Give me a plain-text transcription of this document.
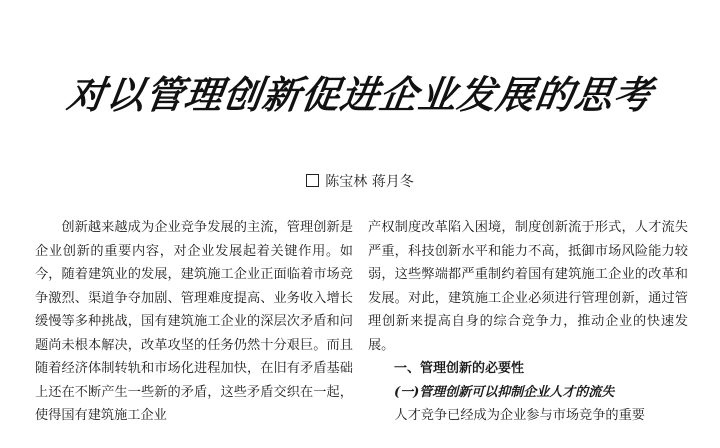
对以管理创新促进企业发展的思考
陈宝林 蒋月冬

创新越来越成为企业竞争发展的主流，管理创新是企业创新的重要内容，对企业发展起着关键作用。如今，随着建筑业的发展，建筑施工企业正面临着市场竞争激烈、渠道争夺加剧、管理难度提高、业务收入增长缓慢等多种挑战，国有建筑施工企业的深层次矛盾和问题尚未根本解决，改革攻坚的任务仍然十分艰巨。而且随着经济体制转轨和市场化进程加快，在旧有矛盾基础上还在不断产生一些新的矛盾，这些矛盾交织在一起，使得国有建筑施工企业

产权制度改革陷入困境，制度创新流于形式，人才流失严重，科技创新水平和能力不高，抵御市场风险能力较弱，这些弊端都严重制约着国有建筑施工企业的改革和发展。对此，建筑施工企业必须进行管理创新，通过管理创新来提高自身的综合竞争力，推动企业的快速发展。

一、管理创新的必要性

(一)管理创新可以抑制企业人才的流失

人才竞争已经成为企业参与市场竞争的重要
